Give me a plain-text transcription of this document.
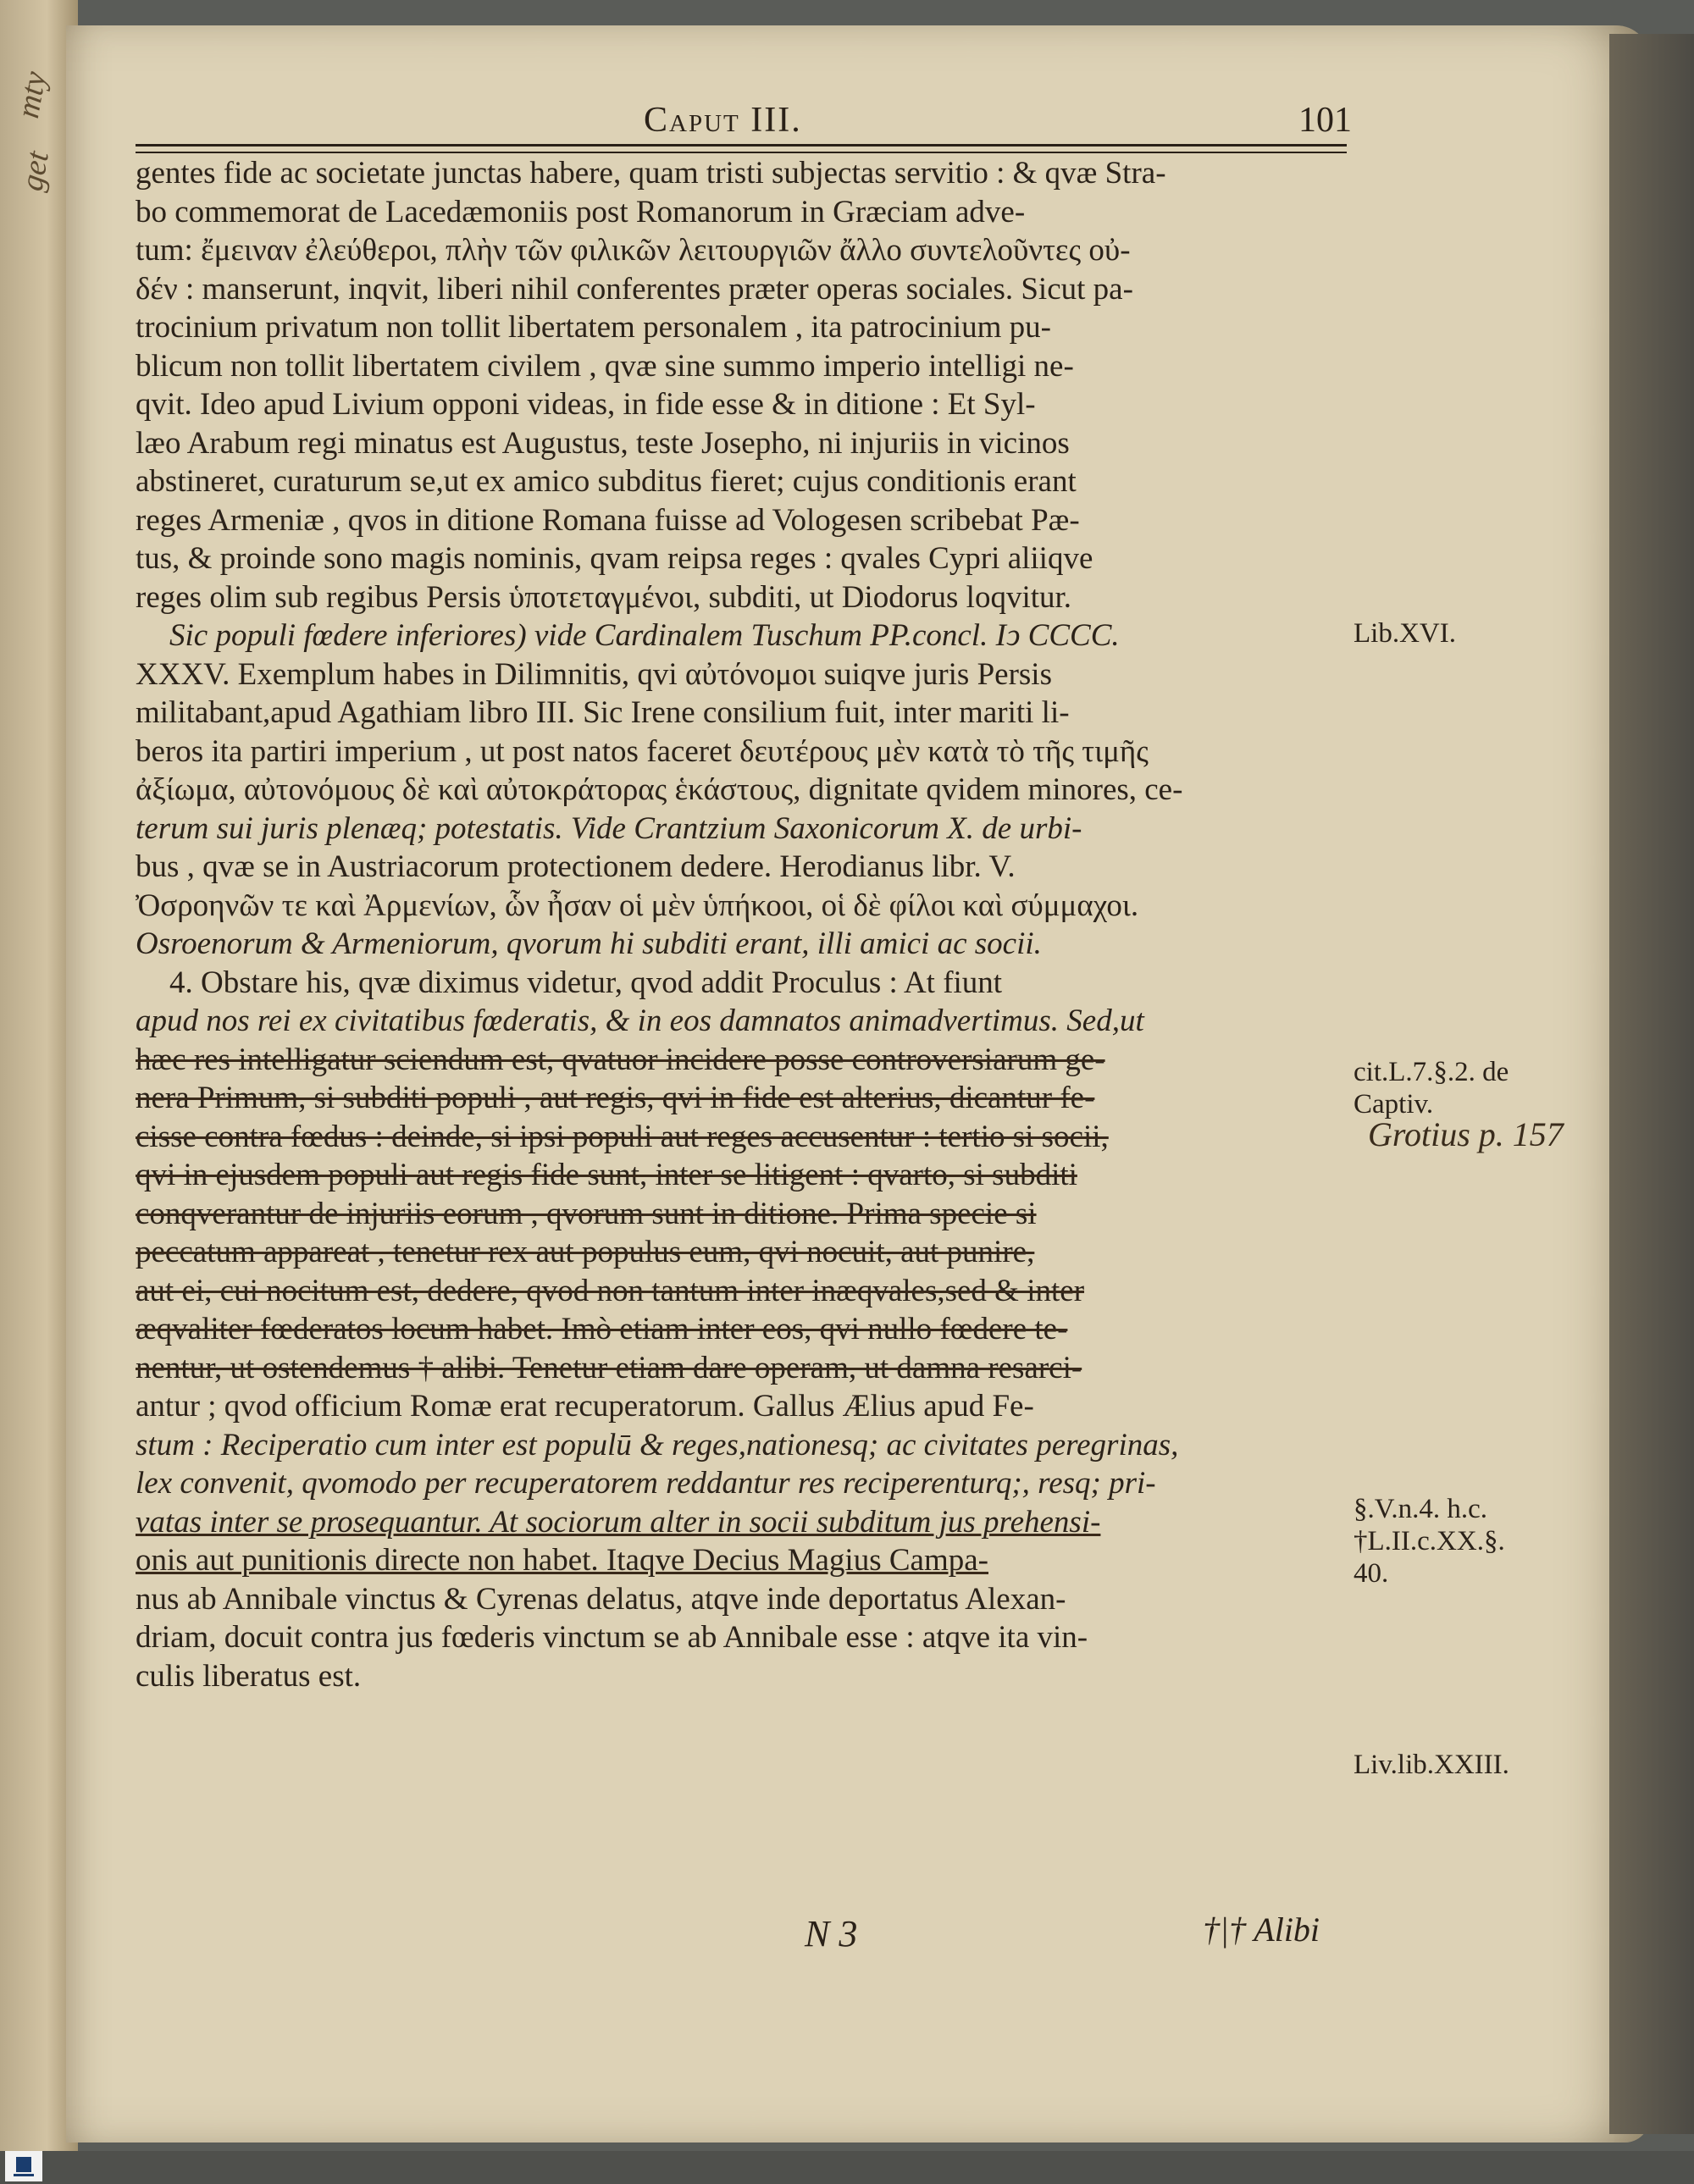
mty
get
Caput III.	101
gentes fide ac societate junctas habere, quam tristi subjectas servitio : & qvæ Stra-
bo commemorat de Lacedæmoniis post Romanorum in Græciam adve-
tum: ἔμειναν ἐλεύθεροι, πλὴν τῶν φιλικῶν λειτουργιῶν ἄλλο συντελοῦντες οὐ-
δέν : manserunt, inqvit, liberi nihil conferentes præter operas sociales. Sicut pa-
trocinium privatum non tollit libertatem personalem , ita patrocinium pu-
blicum non tollit libertatem civilem , qvæ sine summo imperio intelligi ne-
qvit. Ideo apud Livium opponi videas, in fide esse & in ditione : Et Syl-
læo Arabum regi minatus est Augustus, teste Josepho, ni injuriis in vicinos
abstineret, curaturum se,ut ex amico subditus fieret; cujus conditionis erant
reges Armeniæ , qvos in ditione Romana fuisse ad Vologesen scribebat Pæ-
tus, & proinde sono magis nominis, qvam reipsa reges : qvales Cypri aliiqve
reges olim sub regibus Persis ὑποτεταγμένοι, subditi, ut Diodorus loqvitur.
Sic populi fœdere inferiores) vide Cardinalem Tuschum PP.concl. Iↄ CCCC.
XXXV. Exemplum habes in Dilimnitis, qvi αὐτόνομοι suiqve juris Persis
militabant,apud Agathiam libro III. Sic Irene consilium fuit, inter mariti li-
beros ita partiri imperium , ut post natos faceret δευτέρους μὲν κατὰ τὸ τῆς τιμῆς
ἀξίωμα, αὐτονόμους δὲ καὶ αὐτοκράτορας ἑκάστους, dignitate qvidem minores, ce-
terum sui juris plenæq; potestatis. Vide Crantzium Saxonicorum X. de urbi-
bus , qvæ se in Austriacorum protectionem dedere. Herodianus libr. V.
Ὀσροηνῶν τε καὶ Ἀρμενίων, ὧν ἦσαν οἱ μὲν ὑπήκοοι, οἱ δὲ φίλοι καὶ σύμμαχοι.
Osroenorum & Armeniorum, qvorum hi subditi erant, illi amici ac socii.
4. Obstare his, qvæ diximus videtur, qvod addit Proculus : At fiunt
apud nos rei ex civitatibus fœderatis, & in eos damnatos animadvertimus. Sed,ut
hæc res intelligatur sciendum est, qvatuor incidere posse controversiarum ge-
nera Primum, si subditi populi , aut regis, qvi in fide est alterius, dicantur fe-
cisse contra fœdus : deinde, si ipsi populi aut reges accusentur : tertio si socii,
qvi in ejusdem populi aut regis fide sunt, inter se litigent : qvarto, si subditi
conqverantur de injuriis eorum , qvorum sunt in ditione. Prima specie si
peccatum appareat , tenetur rex aut populus eum, qvi nocuit, aut punire,
aut ei, cui nocitum est, dedere, qvod non tantum inter inæqvales,sed & inter
æqvaliter fœderatos locum habet. Imò etiam inter eos, qvi nullo fœdere te-
nentur, ut ostendemus † alibi. Tenetur etiam dare operam, ut damna resarci-
antur ; qvod officium Romæ erat recuperatorum. Gallus Ælius apud Fe-
stum : Reciperatio cum inter est populū & reges,nationesq; ac civitates peregrinas,
lex convenit, qvomodo per recuperatorem reddantur res reciperenturq;, resq; pri-
vatas inter se prosequantur. At sociorum alter in socii subditum jus prehensi-
onis aut punitionis directe non habet. Itaqve Decius Magius Campa-
nus ab Annibale vinctus & Cyrenas delatus, atqve inde deportatus Alexan-
driam, docuit contra jus fœderis vinctum se ab Annibale esse : atqve ita vin-
culis liberatus est.
Lib.XVI.
cit.L.7.§.2. de
Captiv.
Grotius p. 157
§.V.n.4. h.c.
†L.II.c.XX.§.
40.
Liv.lib.XXIII.
N 3	†|† Alibi
